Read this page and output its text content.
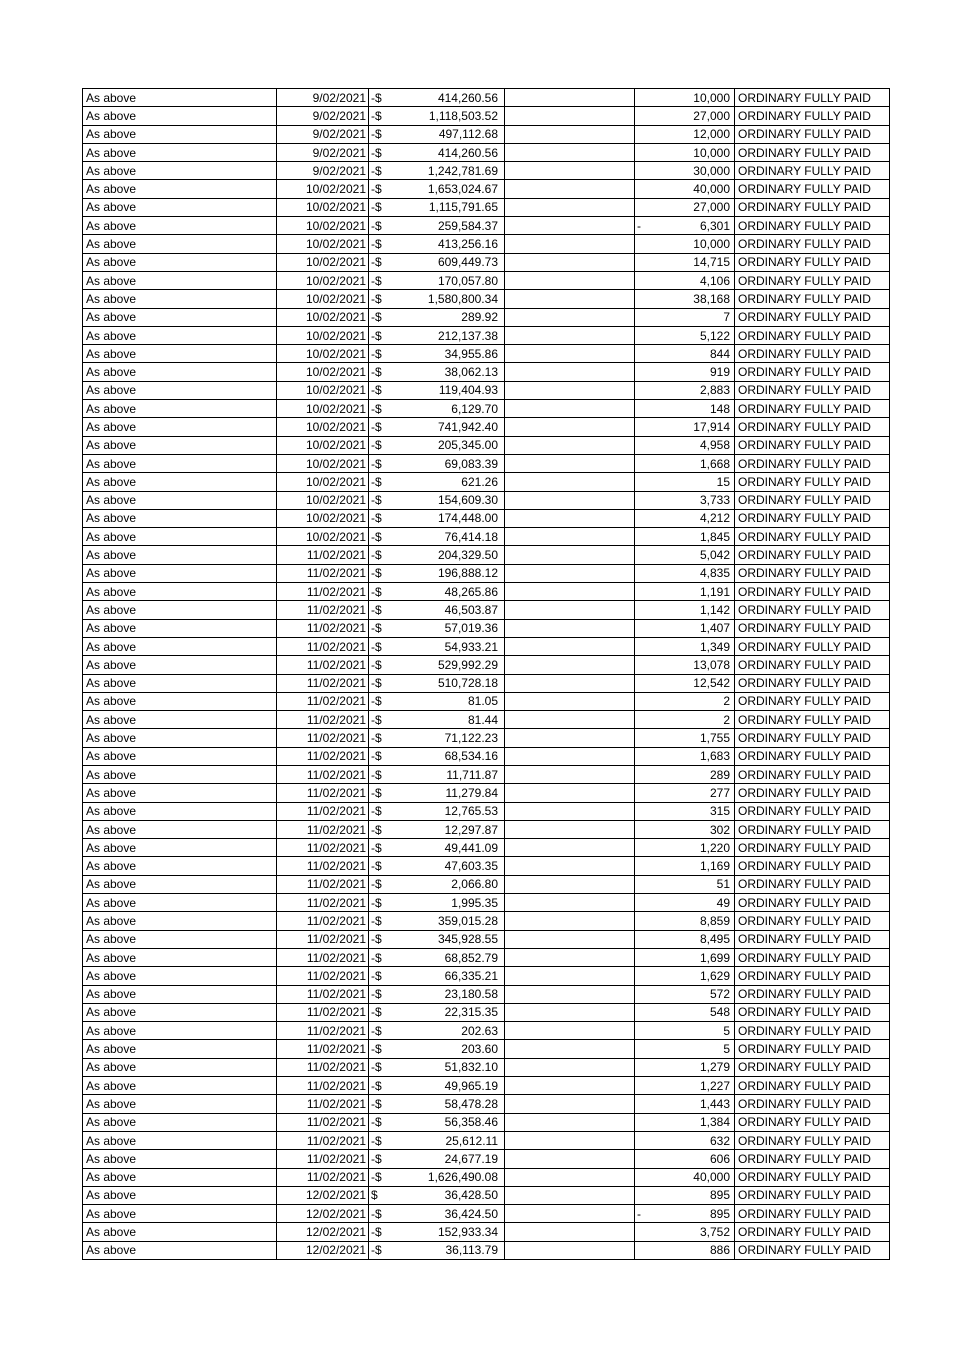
As above	9/02/2021	-$	414,260.56			10,000	ORDINARY FULLY PAID
As above	9/02/2021	-$	1,118,503.52			27,000	ORDINARY FULLY PAID
As above	9/02/2021	-$	497,112.68			12,000	ORDINARY FULLY PAID
As above	9/02/2021	-$	414,260.56			10,000	ORDINARY FULLY PAID
As above	9/02/2021	-$	1,242,781.69			30,000	ORDINARY FULLY PAID
As above	10/02/2021	-$	1,653,024.67			40,000	ORDINARY FULLY PAID
As above	10/02/2021	-$	1,115,791.65			27,000	ORDINARY FULLY PAID
As above	10/02/2021	-$	259,584.37		-	6,301	ORDINARY FULLY PAID
As above	10/02/2021	-$	413,256.16			10,000	ORDINARY FULLY PAID
As above	10/02/2021	-$	609,449.73			14,715	ORDINARY FULLY PAID
As above	10/02/2021	-$	170,057.80			4,106	ORDINARY FULLY PAID
As above	10/02/2021	-$	1,580,800.34			38,168	ORDINARY FULLY PAID
As above	10/02/2021	-$	289.92			7	ORDINARY FULLY PAID
As above	10/02/2021	-$	212,137.38			5,122	ORDINARY FULLY PAID
As above	10/02/2021	-$	34,955.86			844	ORDINARY FULLY PAID
As above	10/02/2021	-$	38,062.13			919	ORDINARY FULLY PAID
As above	10/02/2021	-$	119,404.93			2,883	ORDINARY FULLY PAID
As above	10/02/2021	-$	6,129.70			148	ORDINARY FULLY PAID
As above	10/02/2021	-$	741,942.40			17,914	ORDINARY FULLY PAID
As above	10/02/2021	-$	205,345.00			4,958	ORDINARY FULLY PAID
As above	10/02/2021	-$	69,083.39			1,668	ORDINARY FULLY PAID
As above	10/02/2021	-$	621.26			15	ORDINARY FULLY PAID
As above	10/02/2021	-$	154,609.30			3,733	ORDINARY FULLY PAID
As above	10/02/2021	-$	174,448.00			4,212	ORDINARY FULLY PAID
As above	10/02/2021	-$	76,414.18			1,845	ORDINARY FULLY PAID
As above	11/02/2021	-$	204,329.50			5,042	ORDINARY FULLY PAID
As above	11/02/2021	-$	196,888.12			4,835	ORDINARY FULLY PAID
As above	11/02/2021	-$	48,265.86			1,191	ORDINARY FULLY PAID
As above	11/02/2021	-$	46,503.87			1,142	ORDINARY FULLY PAID
As above	11/02/2021	-$	57,019.36			1,407	ORDINARY FULLY PAID
As above	11/02/2021	-$	54,933.21			1,349	ORDINARY FULLY PAID
As above	11/02/2021	-$	529,992.29			13,078	ORDINARY FULLY PAID
As above	11/02/2021	-$	510,728.18			12,542	ORDINARY FULLY PAID
As above	11/02/2021	-$	81.05			2	ORDINARY FULLY PAID
As above	11/02/2021	-$	81.44			2	ORDINARY FULLY PAID
As above	11/02/2021	-$	71,122.23			1,755	ORDINARY FULLY PAID
As above	11/02/2021	-$	68,534.16			1,683	ORDINARY FULLY PAID
As above	11/02/2021	-$	11,711.87			289	ORDINARY FULLY PAID
As above	11/02/2021	-$	11,279.84			277	ORDINARY FULLY PAID
As above	11/02/2021	-$	12,765.53			315	ORDINARY FULLY PAID
As above	11/02/2021	-$	12,297.87			302	ORDINARY FULLY PAID
As above	11/02/2021	-$	49,441.09			1,220	ORDINARY FULLY PAID
As above	11/02/2021	-$	47,603.35			1,169	ORDINARY FULLY PAID
As above	11/02/2021	-$	2,066.80			51	ORDINARY FULLY PAID
As above	11/02/2021	-$	1,995.35			49	ORDINARY FULLY PAID
As above	11/02/2021	-$	359,015.28			8,859	ORDINARY FULLY PAID
As above	11/02/2021	-$	345,928.55			8,495	ORDINARY FULLY PAID
As above	11/02/2021	-$	68,852.79			1,699	ORDINARY FULLY PAID
As above	11/02/2021	-$	66,335.21			1,629	ORDINARY FULLY PAID
As above	11/02/2021	-$	23,180.58			572	ORDINARY FULLY PAID
As above	11/02/2021	-$	22,315.35			548	ORDINARY FULLY PAID
As above	11/02/2021	-$	202.63			5	ORDINARY FULLY PAID
As above	11/02/2021	-$	203.60			5	ORDINARY FULLY PAID
As above	11/02/2021	-$	51,832.10			1,279	ORDINARY FULLY PAID
As above	11/02/2021	-$	49,965.19			1,227	ORDINARY FULLY PAID
As above	11/02/2021	-$	58,478.28			1,443	ORDINARY FULLY PAID
As above	11/02/2021	-$	56,358.46			1,384	ORDINARY FULLY PAID
As above	11/02/2021	-$	25,612.11			632	ORDINARY FULLY PAID
As above	11/02/2021	-$	24,677.19			606	ORDINARY FULLY PAID
As above	11/02/2021	-$	1,626,490.08			40,000	ORDINARY FULLY PAID
As above	12/02/2021	$	36,428.50			895	ORDINARY FULLY PAID
As above	12/02/2021	-$	36,424.50		-	895	ORDINARY FULLY PAID
As above	12/02/2021	-$	152,933.34			3,752	ORDINARY FULLY PAID
As above	12/02/2021	-$	36,113.79			886	ORDINARY FULLY PAID
